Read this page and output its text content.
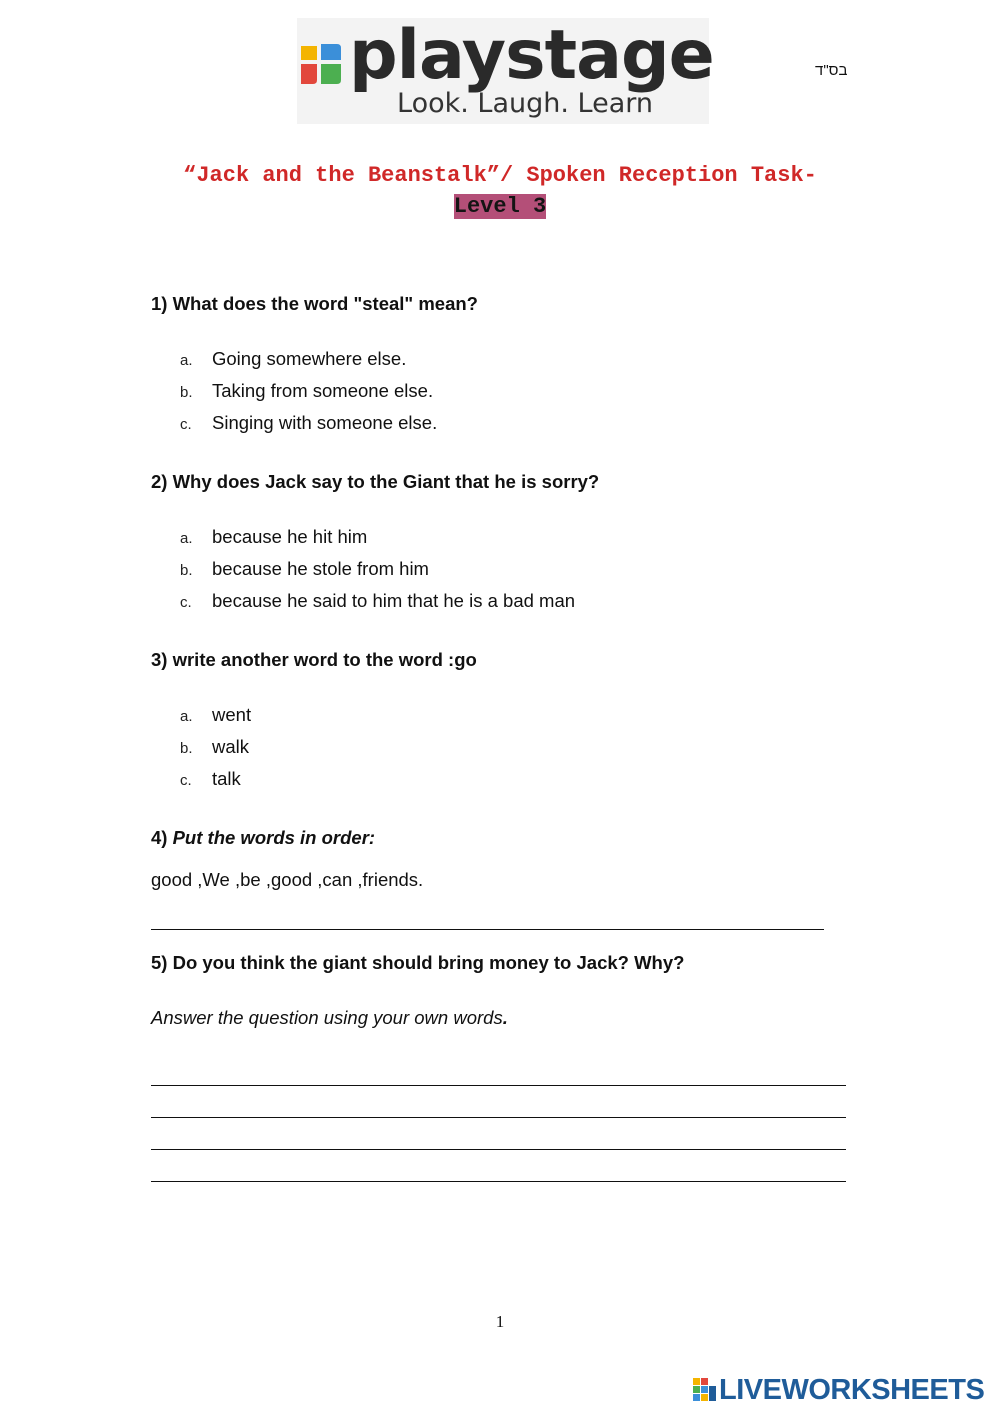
playstage
Look. Laugh. Learn
בס"ד
“Jack and the Beanstalk”/ Spoken Reception Task-
Level 3

1) What does the word "steal" mean?

a. Going somewhere else.
b. Taking from someone else.
c. Singing with someone else.

2) Why does Jack say to the Giant that he is sorry?

a. because he hit him
b. because he stole from him
c. because he said to him that he is a bad man

3) write another word to the word :go

a. went
b. walk
c. talk

4) Put the words in order:

good ,We ,be ,good ,can ,friends.

5) Do you think the giant should bring money to Jack? Why?

Answer the question using your own words.
1
LIVEWORKSHEETS
